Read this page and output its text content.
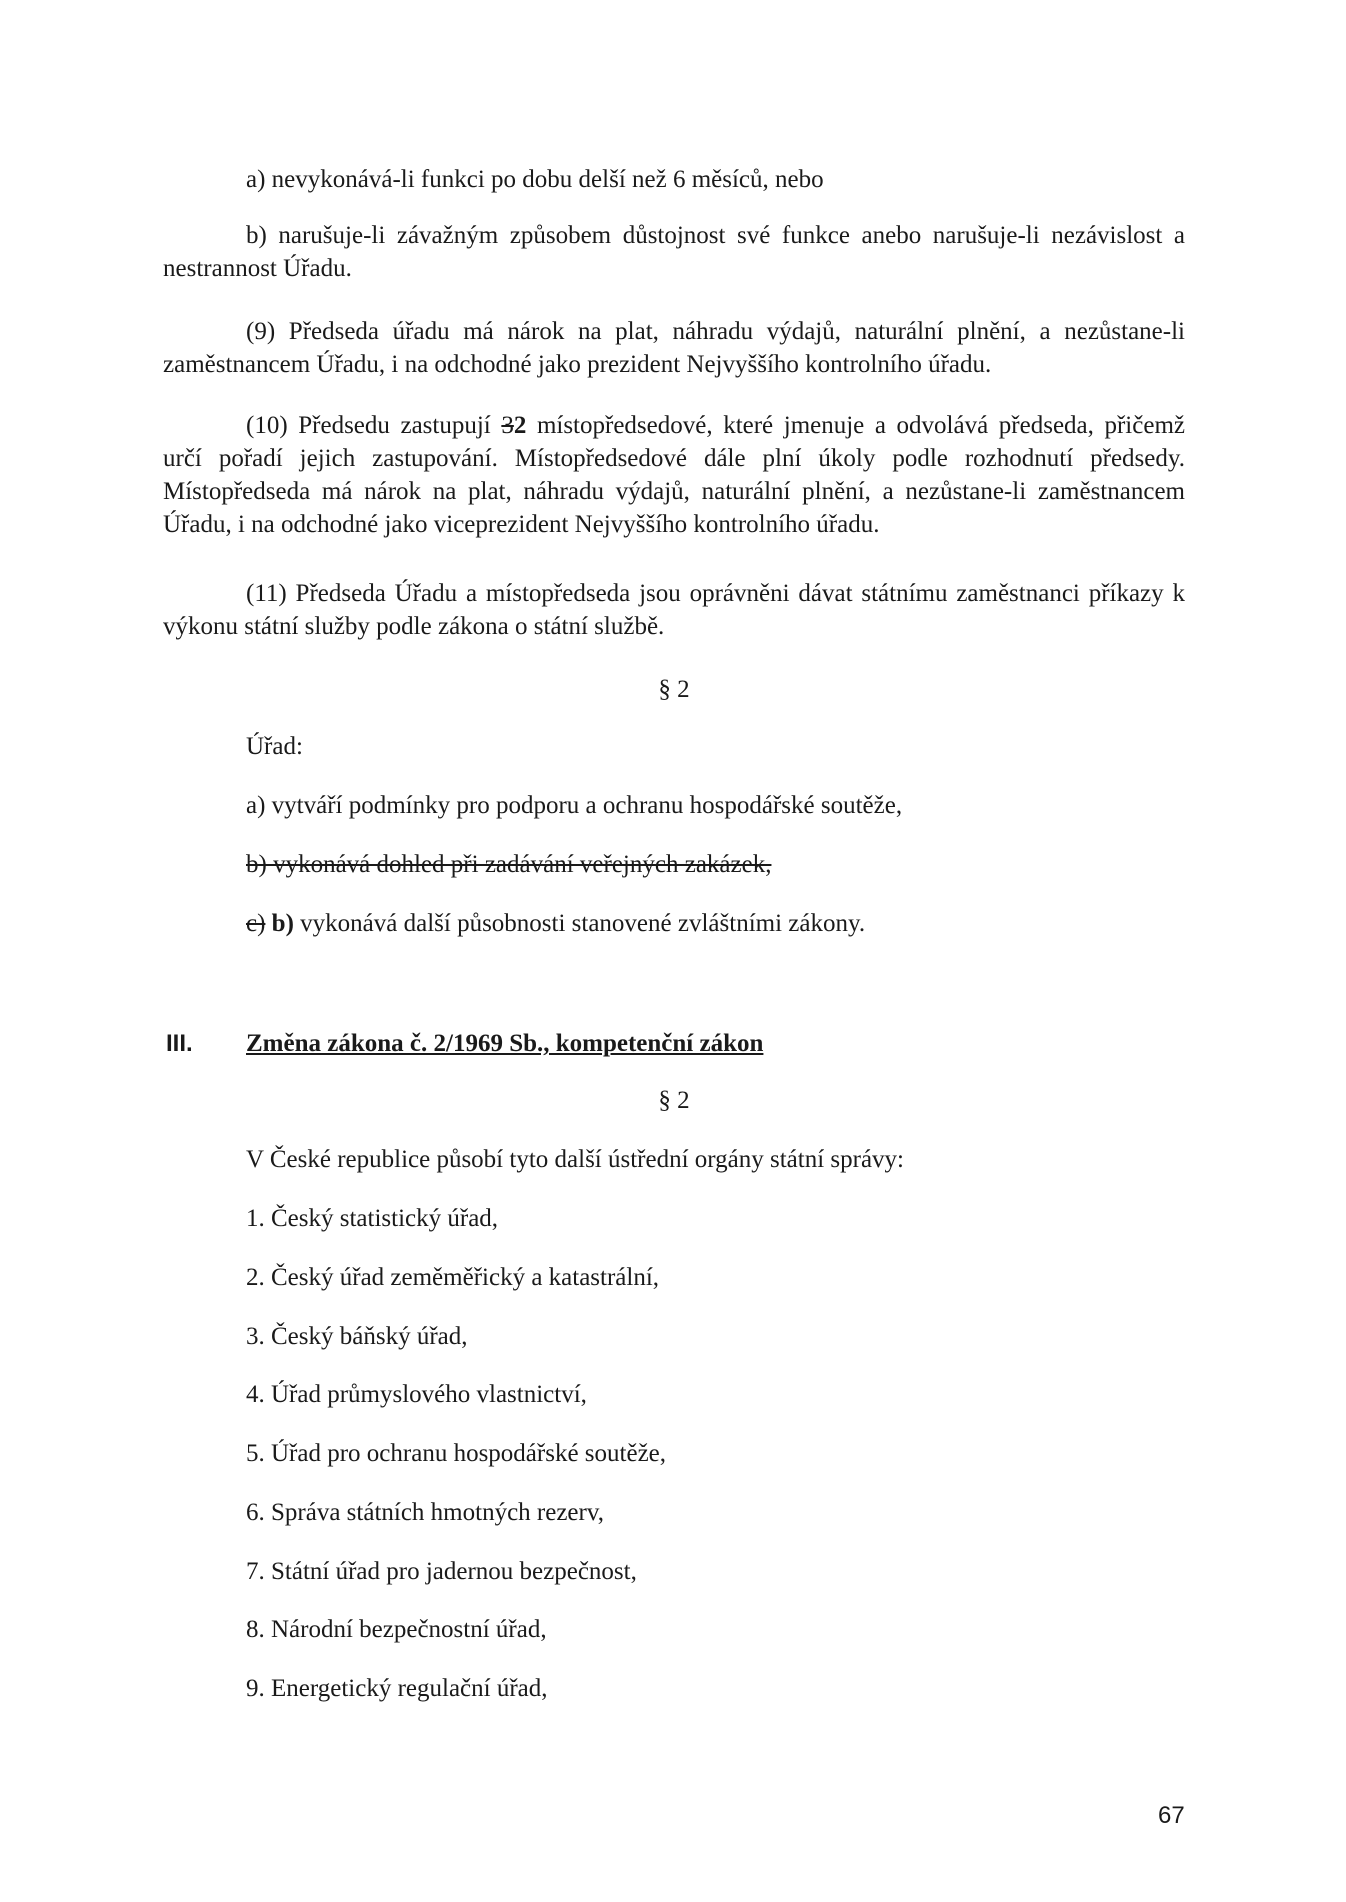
a) nevykonává-li funkci po dobu delší než 6 měsíců, nebo

b) narušuje-li závažným způsobem důstojnost své funkce anebo narušuje-li nezávislost a nestrannost Úřadu.

(9) Předseda úřadu má nárok na plat, náhradu výdajů, naturální plnění, a nezůstane-li zaměstnancem Úřadu, i na odchodné jako prezident Nejvyššího kontrolního úřadu.

(10) Předsedu zastupují 32 místopředsedové, které jmenuje a odvolává předseda, přičemž určí pořadí jejich zastupování. Místopředsedové dále plní úkoly podle rozhodnutí předsedy. Místopředseda má nárok na plat, náhradu výdajů, naturální plnění, a nezůstane-li zaměstnancem Úřadu, i na odchodné jako viceprezident Nejvyššího kontrolního úřadu.

(11) Předseda Úřadu a místopředseda jsou oprávněni dávat státnímu zaměstnanci příkazy k výkonu státní služby podle zákona o státní službě.

§ 2

Úřad:

a) vytváří podmínky pro podporu a ochranu hospodářské soutěže,

b) vykonává dohled při zadávání veřejných zakázek,

c) b) vykonává další působnosti stanovené zvláštními zákony.

III. Změna zákona č. 2/1969 Sb., kompetenční zákon

§ 2

V České republice působí tyto další ústřední orgány státní správy:

1. Český statistický úřad,

2. Český úřad zeměměřický a katastrální,

3. Český báňský úřad,

4. Úřad průmyslového vlastnictví,

5. Úřad pro ochranu hospodářské soutěže,

6. Správa státních hmotných rezerv,

7. Státní úřad pro jadernou bezpečnost,

8. Národní bezpečnostní úřad,

9. Energetický regulační úřad,

67
